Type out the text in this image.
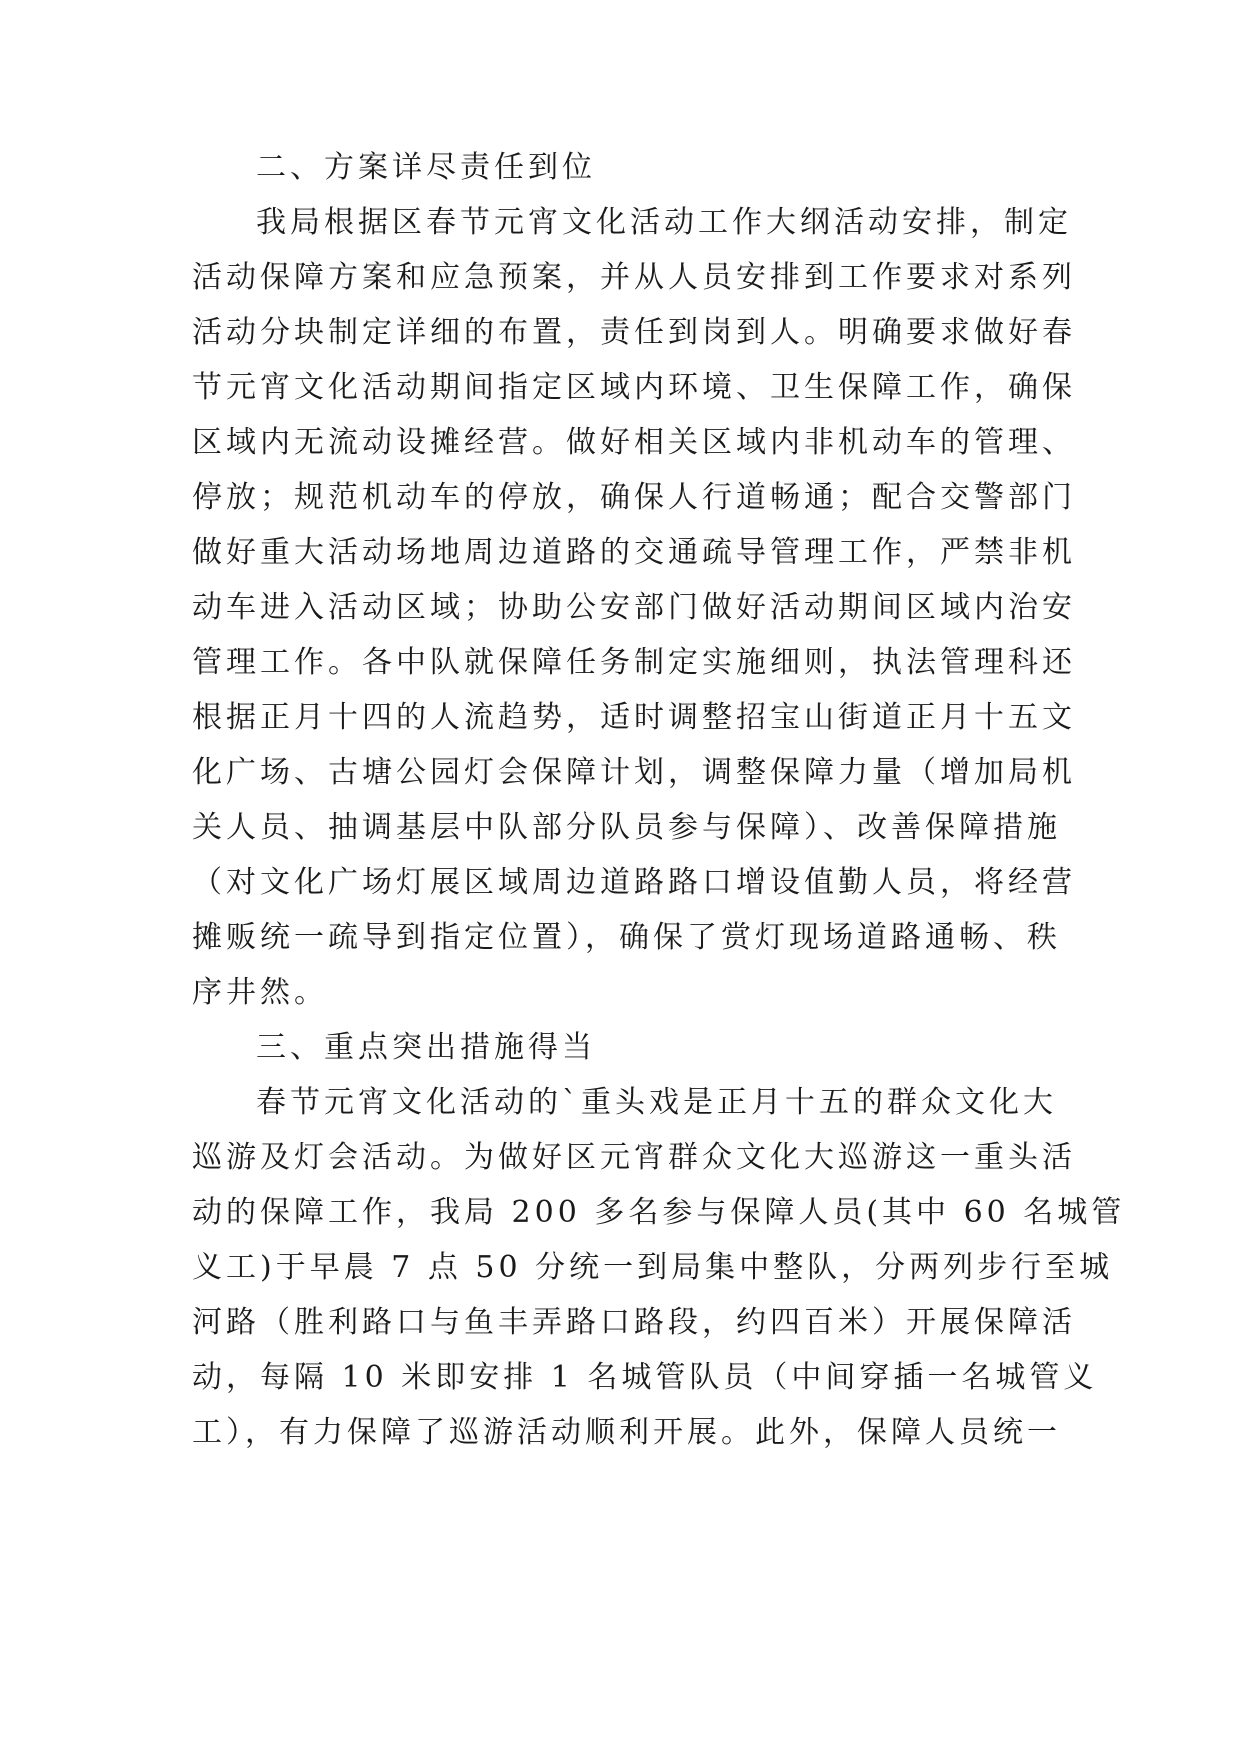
二、方案详尽责任到位
我局根据区春节元宵文化活动工作大纲活动安排，制定
活动保障方案和应急预案，并从人员安排到工作要求对系列
活动分块制定详细的布置，责任到岗到人。明确要求做好春
节元宵文化活动期间指定区域内环境、卫生保障工作，确保
区域内无流动设摊经营。做好相关区域内非机动车的管理、
停放；规范机动车的停放，确保人行道畅通；配合交警部门
做好重大活动场地周边道路的交通疏导管理工作，严禁非机
动车进入活动区域；协助公安部门做好活动期间区域内治安
管理工作。各中队就保障任务制定实施细则，执法管理科还
根据正月十四的人流趋势，适时调整招宝山街道正月十五文
化广场、古塘公园灯会保障计划，调整保障力量（增加局机
关人员、抽调基层中队部分队员参与保障）、改善保障措施
（对文化广场灯展区域周边道路路口增设值勤人员，将经营
摊贩统一疏导到指定位置），确保了赏灯现场道路通畅、秩
序井然。
三、重点突出措施得当
春节元宵文化活动的`重头戏是正月十五的群众文化大
巡游及灯会活动。为做好区元宵群众文化大巡游这一重头活
动的保障工作，我局 200 多名参与保障人员(其中 60 名城管
义工)于早晨 7 点 50 分统一到局集中整队，分两列步行至城
河路（胜利路口与鱼丰弄路口路段，约四百米）开展保障活
动，每隔 10 米即安排 1 名城管队员（中间穿插一名城管义
工），有力保障了巡游活动顺利开展。此外，保障人员统一
